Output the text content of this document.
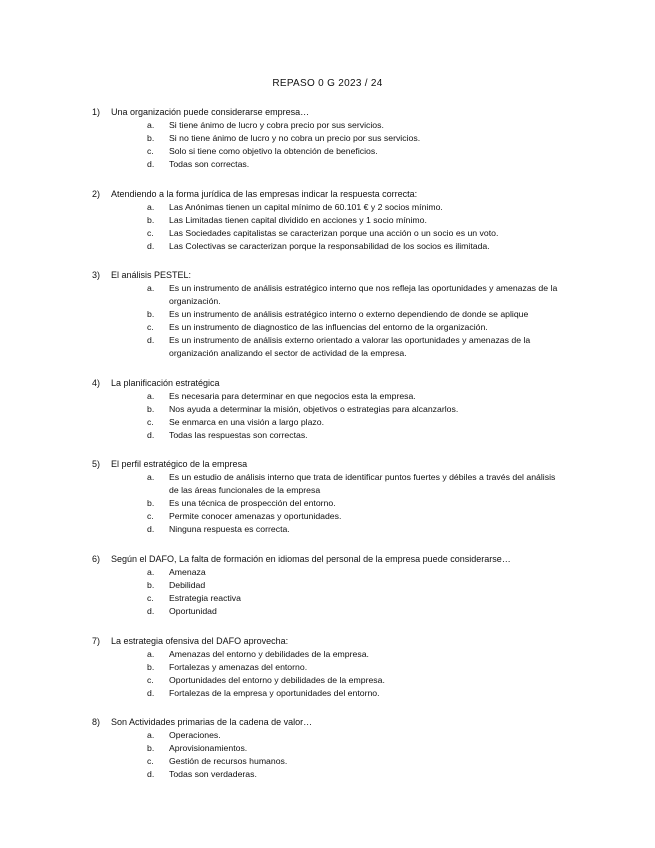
REPASO 0 G 2023 / 24
1) Una organización puede considerarse empresa…
a. Si tiene ánimo de lucro y cobra precio por sus servicios.
b. Si no tiene ánimo de lucro y no cobra un precio por sus servicios.
c. Solo si tiene como objetivo la obtención de beneficios.
d. Todas son correctas.
2) Atendiendo a la forma jurídica de las empresas indicar la respuesta correcta:
a. Las Anónimas tienen un capital mínimo de 60.101 € y 2 socios mínimo.
b. Las Limitadas tienen capital dividido en acciones y 1 socio mínimo.
c. Las Sociedades capitalistas se caracterizan porque una acción o un socio es un voto.
d. Las Colectivas se caracterizan porque la responsabilidad de los socios es ilimitada.
3) El análisis PESTEL:
a. Es un instrumento de análisis estratégico interno que nos refleja las oportunidades y amenazas de la organización.
b. Es un instrumento de análisis estratégico interno o externo dependiendo de donde se aplique
c. Es un instrumento de diagnostico de las influencias del entorno de la organización.
d. Es un instrumento de análisis externo orientado a valorar las oportunidades y amenazas de la organización analizando el sector de actividad de la empresa.
4) La planificación estratégica
a. Es necesaria para determinar en que negocios esta la empresa.
b. Nos ayuda a determinar la misión, objetivos o estrategias para alcanzarlos.
c. Se enmarca en una visión a largo plazo.
d. Todas las respuestas son correctas.
5) El perfil estratégico de la empresa
a. Es un estudio de análisis interno que trata de identificar puntos fuertes y débiles a través del análisis de las áreas funcionales de la empresa
b. Es una técnica de prospección del entorno.
c. Permite conocer amenazas y oportunidades.
d. Ninguna respuesta es correcta.
6) Según el DAFO, La falta de formación en idiomas del personal de la empresa puede considerarse…
a. Amenaza
b. Debilidad
c. Estrategia reactiva
d. Oportunidad
7) La estrategia ofensiva del DAFO aprovecha:
a. Amenazas del entorno y debilidades de la empresa.
b. Fortalezas y amenazas del entorno.
c. Oportunidades del entorno y debilidades de la empresa.
d. Fortalezas de la empresa y oportunidades del entorno.
8) Son Actividades primarias de la cadena de valor…
a. Operaciones.
b. Aprovisionamientos.
c. Gestión de recursos humanos.
d. Todas son verdaderas.
